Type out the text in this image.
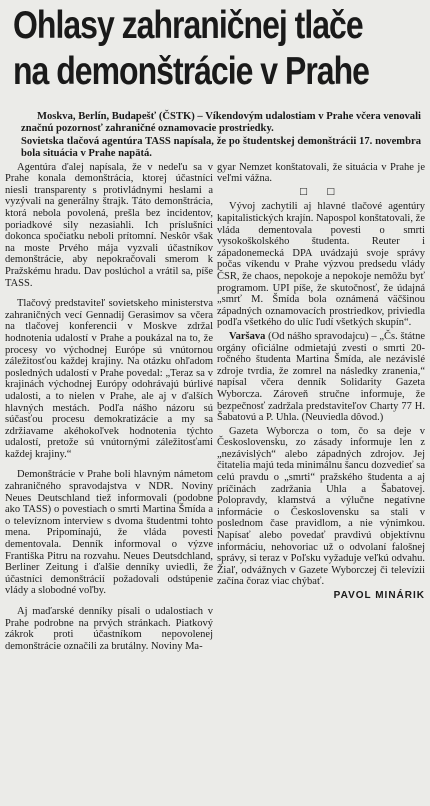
Ohlasy zahraničnej tlače
na demonštrácie v Prahe

Moskva, Berlín, Budapešť (ČSTK) – Víkendovým udalostiam v Prahe včera venovali značnú pozornosť zahraničné oznamovacie prostriedky.

Sovietska tlačová agentúra TASS napísala, že po študentskej demonštrácii 17. novembra bola situácia v Prahe napätá.

Agentúra ďalej napísala, že v nedeľu sa v Prahe konala demonštrácia, ktorej účastníci niesli transparenty s protivládnymi heslami a vyzývali na generálny štrajk. Táto demonštrácia, ktorá nebola povolená, prešla bez incidentov, poriadkové sily nezasiahli. Ich príslušníci dokonca spočiatku neboli prítomní. Neskôr však na moste Prvého mája vyzvali účastníkov demonštrácie, aby nepokračovali smerom k Pražskému hradu. Dav poslúchol a vrátil sa, píše TASS.

Tlačový predstaviteľ sovietskeho ministerstva zahraničných vecí Gennadij Gerasimov sa včera na tlačovej konferencii v Moskve zdržal hodnotenia udalostí v Prahe a poukázal na to, že procesy vo východnej Európe sú vnútornou záležitosťou každej krajiny. Na otázku ohľadom posledných udalostí v Prahe povedal: „Teraz sa v krajinách východnej Európy odohrávajú búrlivé udalosti, a to nielen v Prahe, ale aj v ďalších hlavných mestách. Podľa nášho názoru sú súčasťou procesu demokratizácie a my sa zdržiavame akéhokoľvek hodnotenia týchto udalostí, pretože sú vnútornými záležitosťami každej krajiny.“

Demonštrácie v Prahe boli hlavným námetom zahraničného spravodajstva v NDR. Noviny Neues Deutschland tiež informovali (podobne ako TASS) o povestiach o smrti Martina Šmída a o televíznom interview s dvoma študentmi tohto mena. Pripomínajú, že vláda povesti dementovala. Denník informoval o výzve Františka Pitru na rozvahu. Neues Deutsdchland, Berliner Zeitung i ďalšie denníky uviedli, že účastníci demonštrácií požadovali odstúpenie vlády a slobodné voľby.

Aj maďarské denníky písali o udalostiach v Prahe podrobne na prvých stránkach. Piatkový zákrok proti účastníkom nepovolenej demonštrácie označili za brutálny. Noviny Ma-

gyar Nemzet konštatovali, že situácia v Prahe je veľmi vážna.

□ □

Vývoj zachytili aj hlavné tlačové agentúry kapitalistických krajín. Napospol konštatovali, že vláda dementovala povesti o smrti vysokoškolského študenta. Reuter i západonemecká DPA uvádzajú svoje správy počas víkendu v Prahe výzvou predsedu vlády ČSR, že chaos, nepokoje a nepokoje nemôžu byť programom. UPI píše, že skutočnosť, že údajná „smrť M. Šmída bola oznámená väčšinou západných oznamovacích prostriedkov, priviedla podľa všetkého do ulíc ľudí všetkých skupín“.

Varšava (Od nášho spravodajcu) – „Čs. štátne orgány oficiálne odmietajú zvesti o smrti 20-ročného študenta Martina Šmída, ale nezávislé zdroje tvrdia, že zomrel na následky zranenia,“ napísal včera denník Solidarity Gazeta Wyborcza. Zároveň stručne informuje, že bezpečnosť zadržala predstaviteľov Charty 77 H. Šabatovú a P. Uhla. (Neuviedla dôvod.)

Gazeta Wyborcza o tom, čo sa deje v Československu, zo zásady informuje len z „nezávislých“ alebo západných zdrojov. Jej čitatelia majú teda minimálnu šancu dozvedieť sa celú pravdu o „smrti“ pražského študenta a aj príčinách zadržania Uhla a Šabatovej. Polopravdy, klamstvá a výlučne negatívne informácie o Československu sa stali v poslednom čase pravidlom, a nie výnimkou. Napísať alebo povedať pravdivú objektívnu informáciu, nehovoriac už o odvolaní falošnej správy, si teraz v Poľsku vyžaduje veľkú odvahu. Žiaľ, odvážnych v Gazete Wyborczej či televízii začína čoraz viac chýbať.

PAVOL MINÁRIK
